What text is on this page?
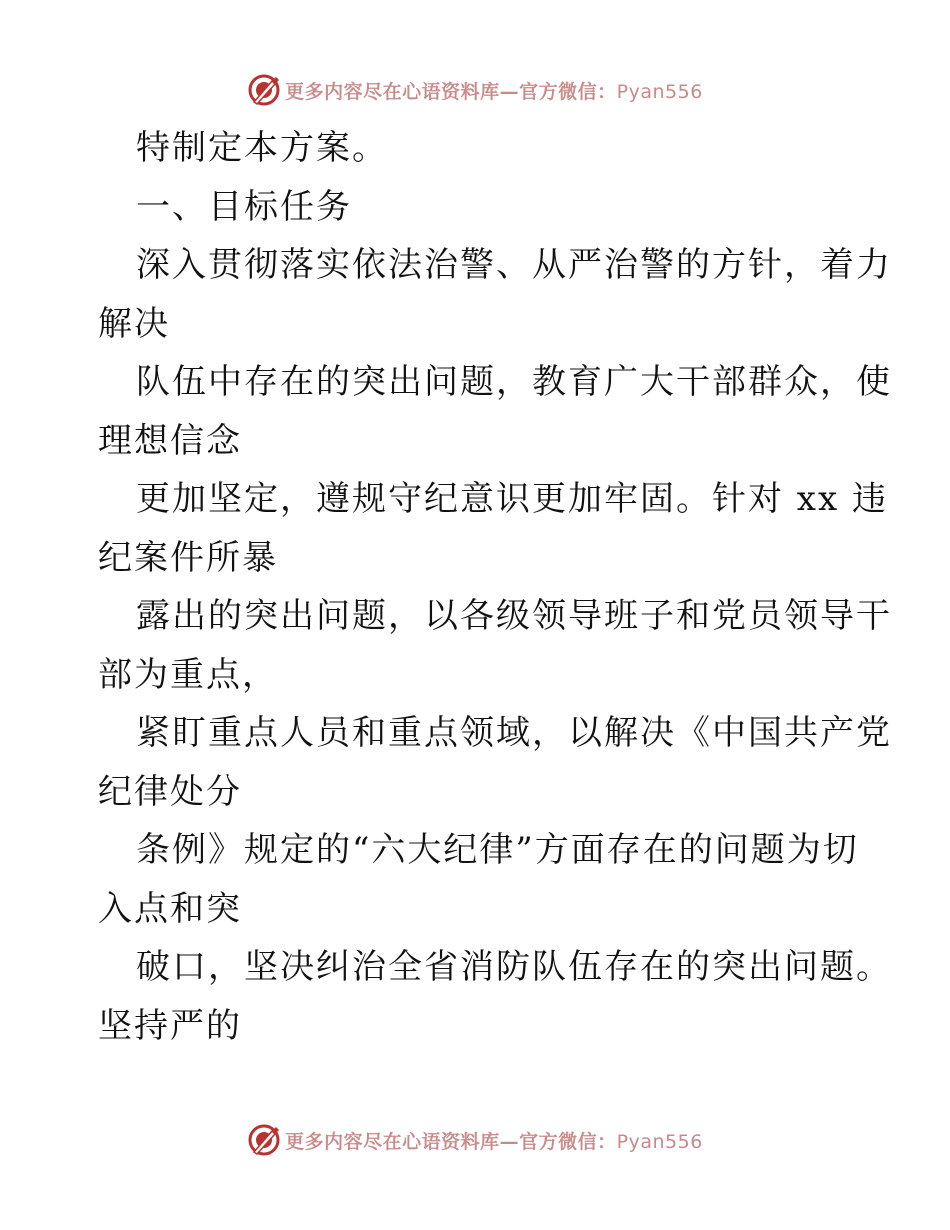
更多内容尽在心语资料库—官方微信：Pyan556
特制定本方案。
一、目标任务
深入贯彻落实依法治警、从严治警的方针，着力
解决
队伍中存在的突出问题，教育广大干部群众，使
理想信念
更加坚定，遵规守纪意识更加牢固。针对 xx 违
纪案件所暴
露出的突出问题，以各级领导班子和党员领导干
部为重点，
紧盯重点人员和重点领域，以解决《中国共产党
纪律处分
条例》规定的“六大纪律”方面存在的问题为切
入点和突
破口，坚决纠治全省消防队伍存在的突出问题。
坚持严的
更多内容尽在心语资料库—官方微信：Pyan556
